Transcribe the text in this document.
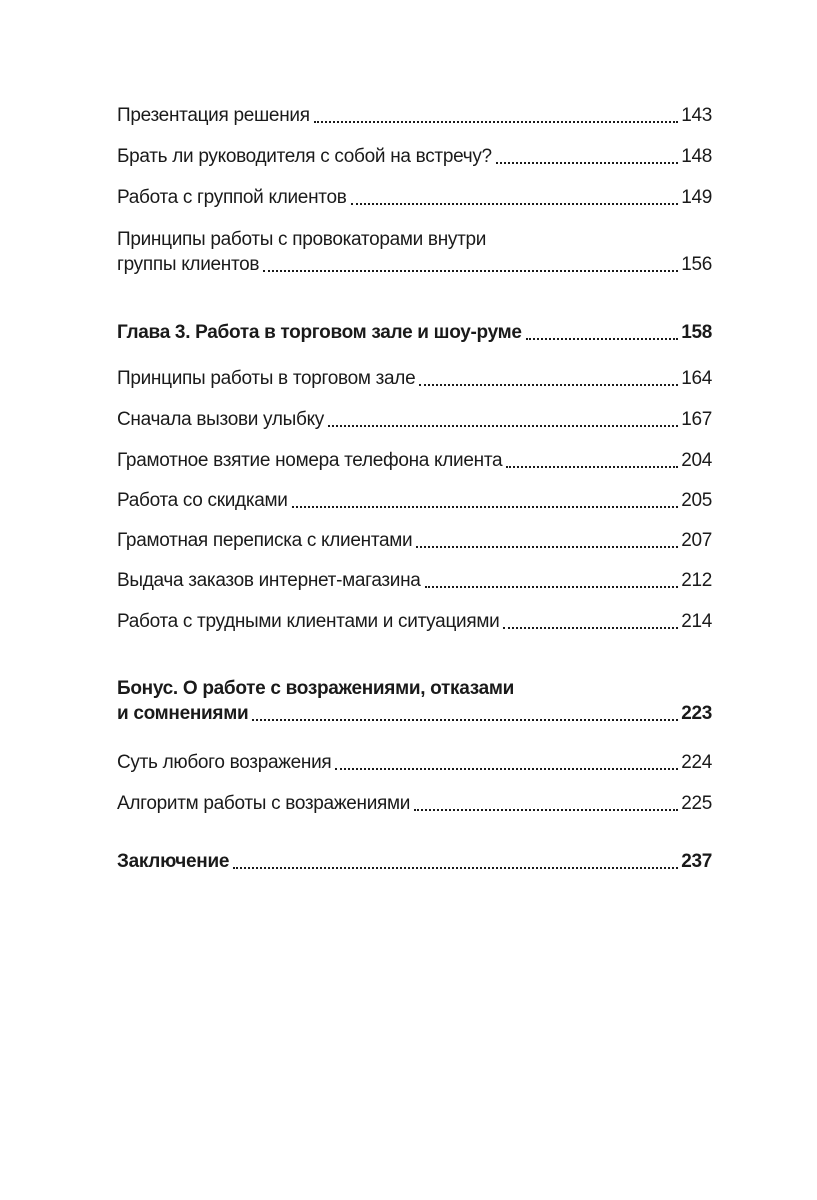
Презентация решения	143
Брать ли руководителя с собой на встречу?	148
Работа с группой клиентов	149
Принципы работы с провокаторами внутри
группы клиентов	156
Глава 3. Работа в торговом зале и шоу-руме	158
Принципы работы в торговом зале	164
Сначала вызови улыбку	167
Грамотное взятие номера телефона клиента	204
Работа со скидками	205
Грамотная переписка с клиентами	207
Выдача заказов интернет-магазина	212
Работа с трудными клиентами и ситуациями	214
Бонус. О работе с возражениями, отказами
и сомнениями	223
Суть любого возражения	224
Алгоритм работы с возражениями	225
Заключение	237
